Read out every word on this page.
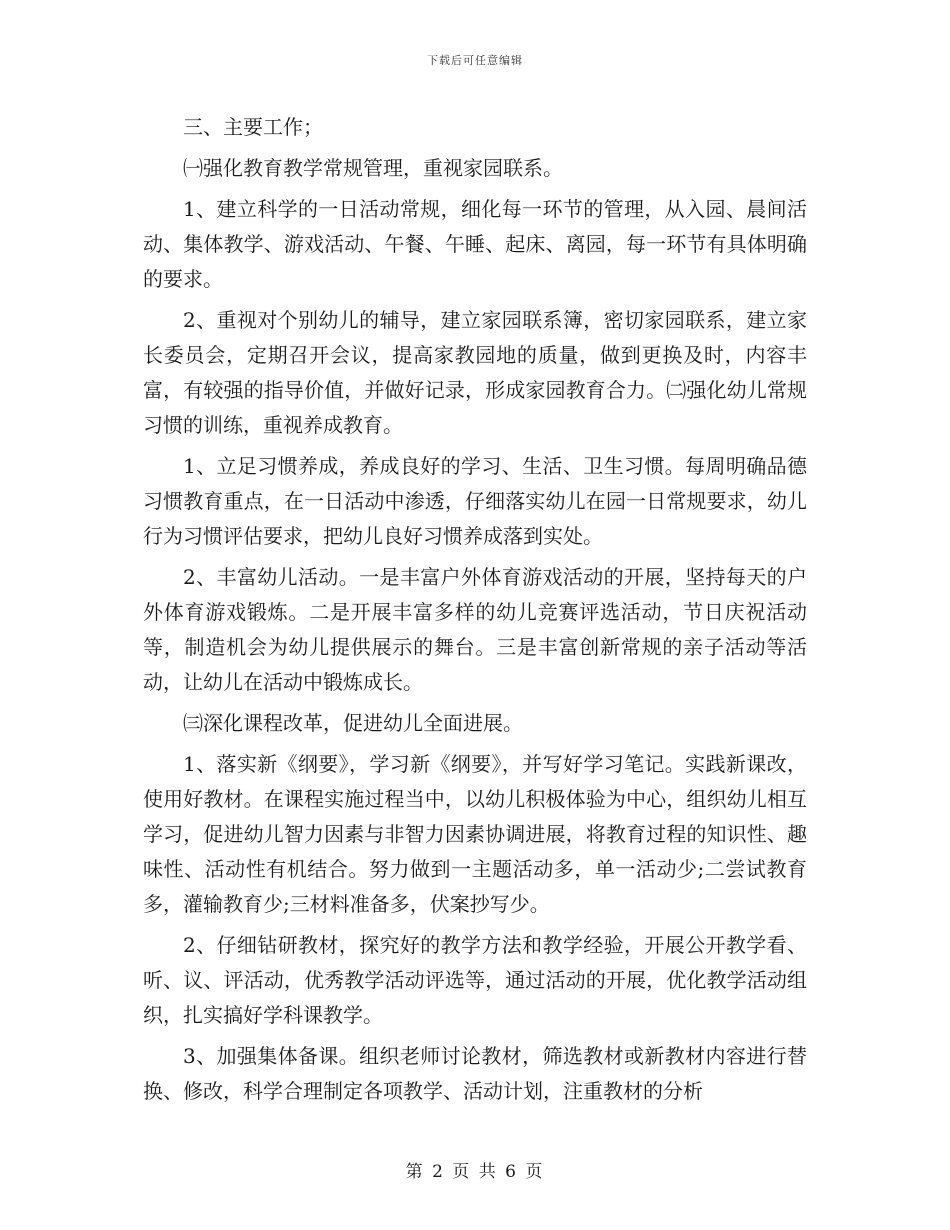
下载后可任意编辑

三、主要工作；

㈠强化教育教学常规管理，重视家园联系。

1、建立科学的一日活动常规，细化每一环节的管理，从入园、晨间活动、集体教学、游戏活动、午餐、午睡、起床、离园，每一环节有具体明确的要求。

2、重视对个别幼儿的辅导，建立家园联系簿，密切家园联系，建立家长委员会，定期召开会议，提高家教园地的质量，做到更换及时，内容丰富，有较强的指导价值，并做好记录，形成家园教育合力。㈡强化幼儿常规习惯的训练，重视养成教育。

1、立足习惯养成，养成良好的学习、生活、卫生习惯。每周明确品德习惯教育重点，在一日活动中渗透，仔细落实幼儿在园一日常规要求，幼儿行为习惯评估要求，把幼儿良好习惯养成落到实处。

2、丰富幼儿活动。一是丰富户外体育游戏活动的开展，坚持每天的户外体育游戏锻炼。二是开展丰富多样的幼儿竞赛评选活动，节日庆祝活动等，制造机会为幼儿提供展示的舞台。三是丰富创新常规的亲子活动等活动，让幼儿在活动中锻炼成长。

㈢深化课程改革，促进幼儿全面进展。

1、落实新《纲要》，学习新《纲要》，并写好学习笔记。实践新课改，使用好教材。在课程实施过程当中，以幼儿积极体验为中心，组织幼儿相互学习，促进幼儿智力因素与非智力因素协调进展，将教育过程的知识性、趣味性、活动性有机结合。努力做到一主题活动多，单一活动少;二尝试教育多，灌输教育少;三材料准备多，伏案抄写少。

2、仔细钻研教材，探究好的教学方法和教学经验，开展公开教学看、听、议、评活动，优秀教学活动评选等，通过活动的开展，优化教学活动组织，扎实搞好学科课教学。

3、加强集体备课。组织老师讨论教材，筛选教材或新教材内容进行替换、修改，科学合理制定各项教学、活动计划，注重教材的分析

第 2 页 共 6 页
